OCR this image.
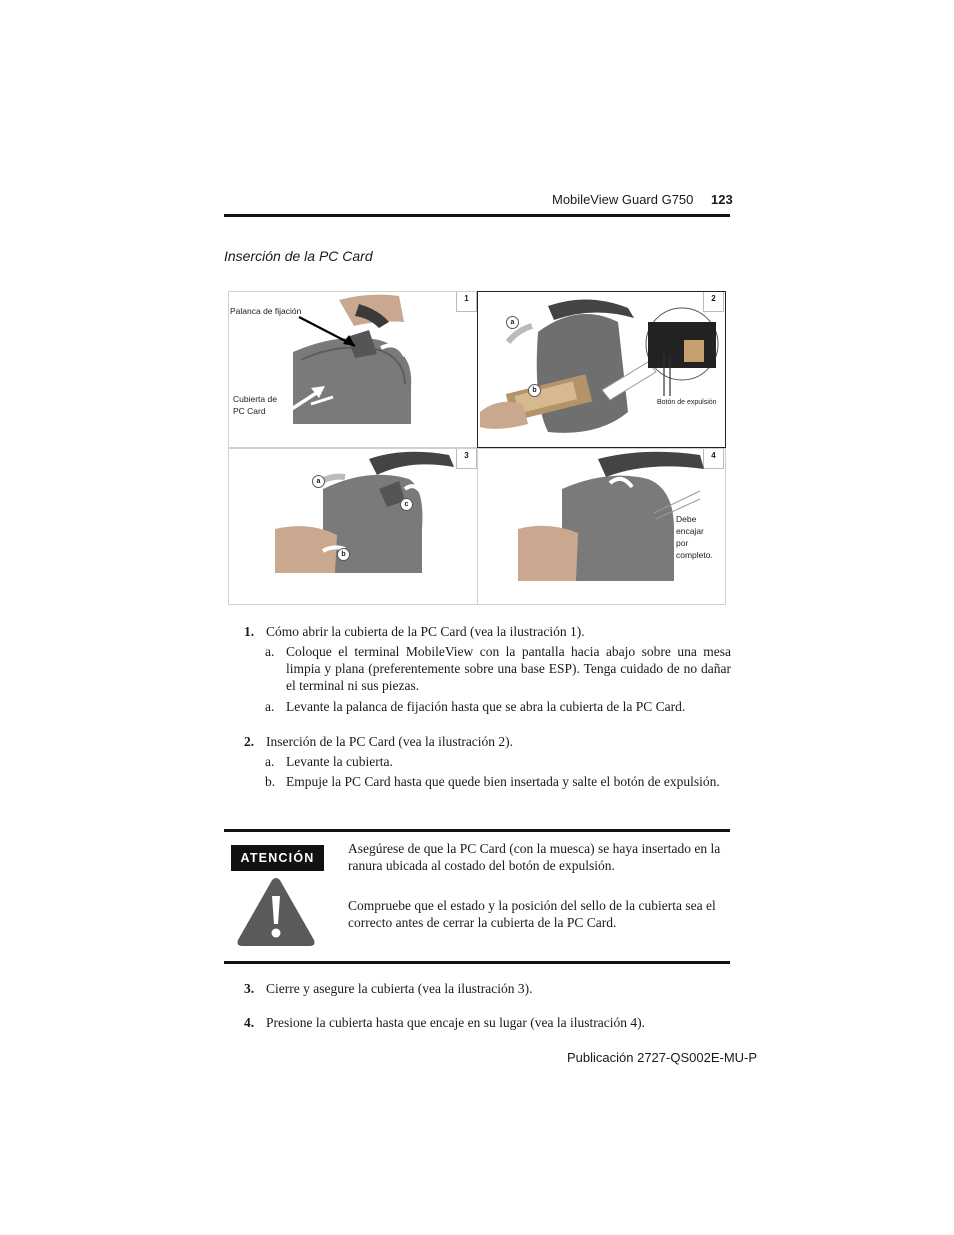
MobileView Guard G750 123
Inserción de la PC Card
1
Palanca de fijación
Cubierta de
PC Card
2
a
b
Botón de expulsión
3
a
b
c
4
Debe
encajar
por
completo.
1. Cómo abrir la cubierta de la PC Card (vea la ilustración 1).
a. Coloque el terminal MobileView con la pantalla hacia abajo sobre una mesa limpia y plana (preferentemente sobre una base ESP). Tenga cuidado de no dañar el terminal ni sus piezas.
a. Levante la palanca de fijación hasta que se abra la cubierta de la PC Card.
2. Inserción de la PC Card (vea la ilustración 2).
a. Levante la cubierta.
b. Empuje la PC Card hasta que quede bien insertada y salte el botón de expulsión.
ATENCIÓN
Asegúrese de que la PC Card (con la muesca) se haya insertado en la ranura ubicada al costado del botón de expulsión.
Compruebe que el estado y la posición del sello de la cubierta sea el correcto antes de cerrar la cubierta de la PC Card.
3. Cierre y asegure la cubierta (vea la ilustración 3).
4. Presione la cubierta hasta que encaje en su lugar (vea la ilustración 4).
Publicación 2727-QS002E-MU-P
